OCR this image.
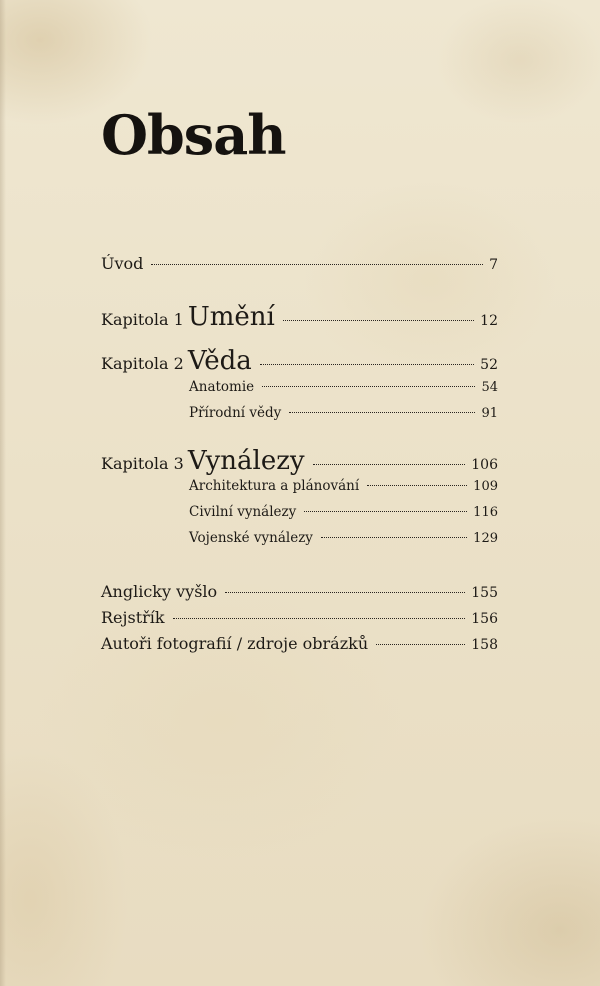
Obsah
Úvod	7
Kapitola 1 Umění	12
Kapitola 2 Věda	52
Anatomie	54
Přírodní vědy	91
Kapitola 3 Vynálezy	106
Architektura a plánování	109
Civilní vynálezy	116
Vojenské vynálezy	129
Anglicky vyšlo	155
Rejstřík	156
Autoři fotografií / zdroje obrázků	158
